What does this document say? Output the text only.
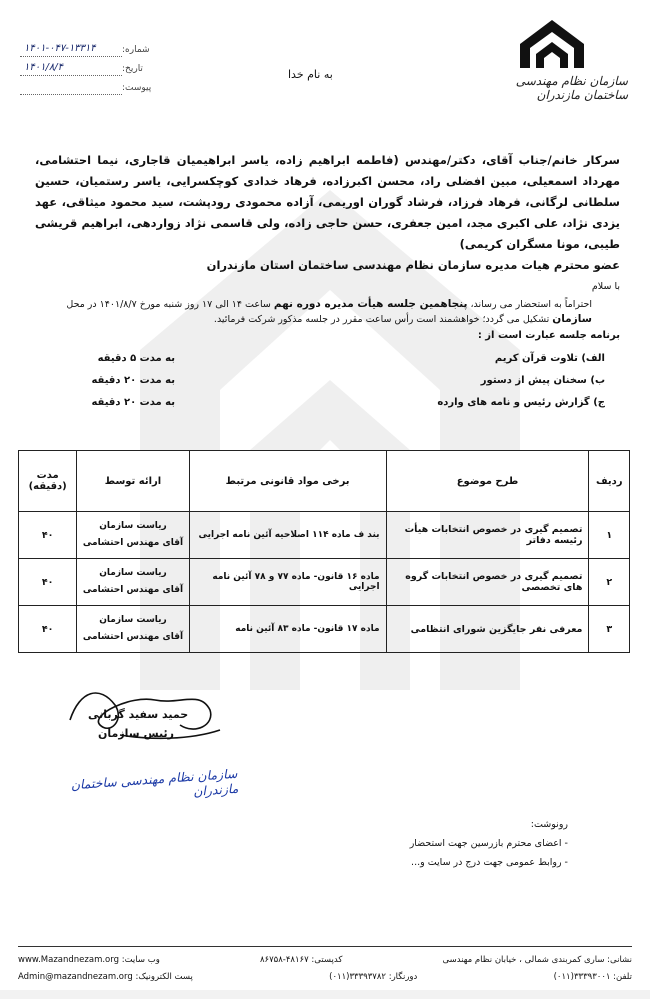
سازمان نظام مهندسی ساختمان مازندران
به نام خدا
شماره:
۱۴۰۱-۰۴۷-۱۳۳۱۴
تاریخ:
۱۴۰۱/۸/۴
پیوست:
سرکار خانم/جناب آقای، دکتر/مهندس (فاطمه ابراهیم زاده، یاسر ابراهیمیان قاجاری، نیما احتشامی، مهرداد اسمعیلی، مبین افضلی راد، محسن اکبرزاده، فرهاد خدادی کوچکسرایی، یاسر رستمیان، حسین سلطانی لرگانی، فرهاد فرزاد، فرشاد گوران اوریمی، آزاده محمودی رودپشت، سید محمود میثاقی، عهد یزدی نژاد، علی اکبری مجد، امین جعفری، حسن حاجی زاده، ولی قاسمی نژاد زواردهی، ابراهیم قریشی طیبی، مونا مسگران کریمی)
عضو محترم هیات مدیره سازمان نظام مهندسی ساختمان استان مازندران
با سلام
احتراماً به استحضار می رساند، پنجاهمین جلسه هیأت مدیره دوره نهم ساعت ۱۴ الی ۱۷ روز شنبه مورخ ۱۴۰۱/۸/۷ در محل سازمان تشکیل می گردد؛ خواهشمند است رأس ساعت مقرر در جلسه مذکور شرکت فرمائید.
برنامه جلسه عبارت است از :
الف) تلاوت قرآن کریم
به مدت ۵ دقیقه
ب) سخنان پیش از دستور
به مدت ۲۰ دقیقه
ج) گزارش رئیس و نامه های وارده
به مدت ۲۰ دقیقه
ردیف	طرح موضوع	برخی مواد قانونی مرتبط	ارائه توسط	مدت
(دقیقه)

۱	تصمیم گیری در خصوص انتخابات هیأت رئیسه دفاتر	بند ف ماده ۱۱۴ اصلاحیه آئین نامه اجرایی	ریاست سازمان
آقای مهندس احتشامی	۴۰
۲	تصمیم گیری در خصوص انتخابات گروه های تخصصی	ماده ۱۶ قانون- ماده ۷۷ و ۷۸ آئین نامه اجرایی	ریاست سازمان
آقای مهندس احتشامی	۴۰
۳	معرفی نفر جایگزین شورای انتظامی	ماده ۱۷ قانون- ماده ۸۳ آئین نامه	ریاست سازمان
آقای مهندس احتشامی	۴۰
حمید سفید گربانی
رئیس سازمان
سازمان نظام مهندسی ساختمان مازندران
رونوشت:
- اعضای محترم بازرسین جهت استحضار
- روابط عمومی جهت درج در سایت و...
نشانی: ساری کمربندی شمالی ، خیابان نظام مهندسی
کدپستی: ۴۸۱۶۷-۸۶۷۵۸
وب سایت: www.Mazandnezam.org
تلفن: (۰۱۱)۳۳۳۹۳۰۰۱
دورنگار: (۰۱۱)۳۳۳۹۳۷۸۲
پست الکترونیک: Admin@mazandnezam.org
